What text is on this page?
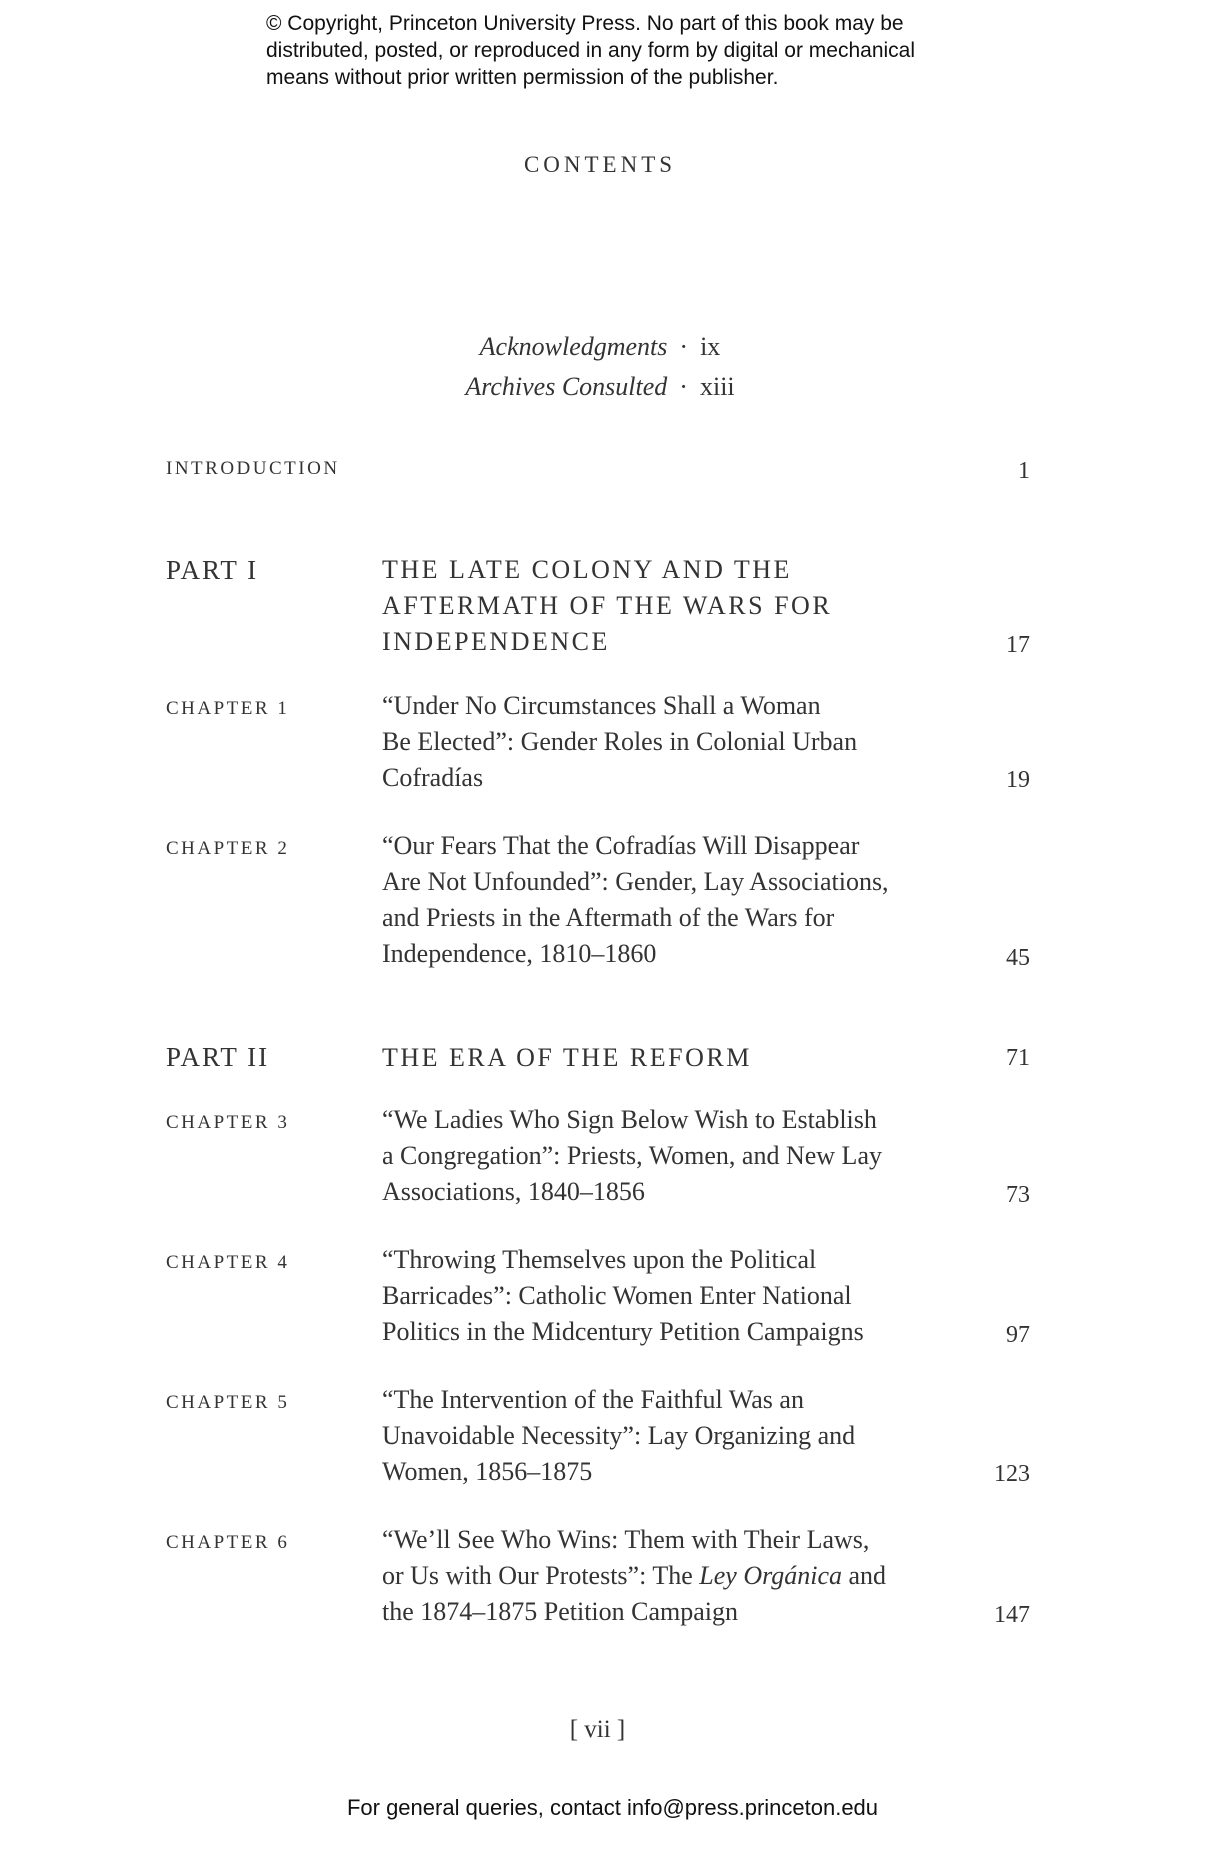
© Copyright, Princeton University Press. No part of this book may be
distributed, posted, or reproduced in any form by digital or mechanical
means without prior written permission of the publisher.
CONTENTS
Acknowledgments · ix
Archives Consulted · xiii
INTRODUCTION	1
PART I	THE LATE COLONY AND THE
AFTERMATH OF THE WARS FOR
INDEPENDENCE	17
CHAPTER 1	“Under No Circumstances Shall a Woman
Be Elected”: Gender Roles in Colonial Urban
Cofradías	19
CHAPTER 2	“Our Fears That the Cofradías Will Disappear
Are Not Unfounded”: Gender, Lay Associations,
and Priests in the Aftermath of the Wars for
Independence, 1810–1860	45
PART II	THE ERA OF THE REFORM	71
CHAPTER 3	“We Ladies Who Sign Below Wish to Establish
a Congregation”: Priests, Women, and New Lay
Associations, 1840–1856	73
CHAPTER 4	“Throwing Themselves upon the Political
Barricades”: Catholic Women Enter National
Politics in the Midcentury Petition Campaigns	97
CHAPTER 5	“The Intervention of the Faithful Was an
Unavoidable Necessity”: Lay Organizing and
Women, 1856–1875	123
CHAPTER 6	“We’ll See Who Wins: Them with Their Laws,
or Us with Our Protests”: The Ley Orgánica and
the 1874–1875 Petition Campaign	147
[ vii ]
For general queries, contact info@press.princeton.edu
